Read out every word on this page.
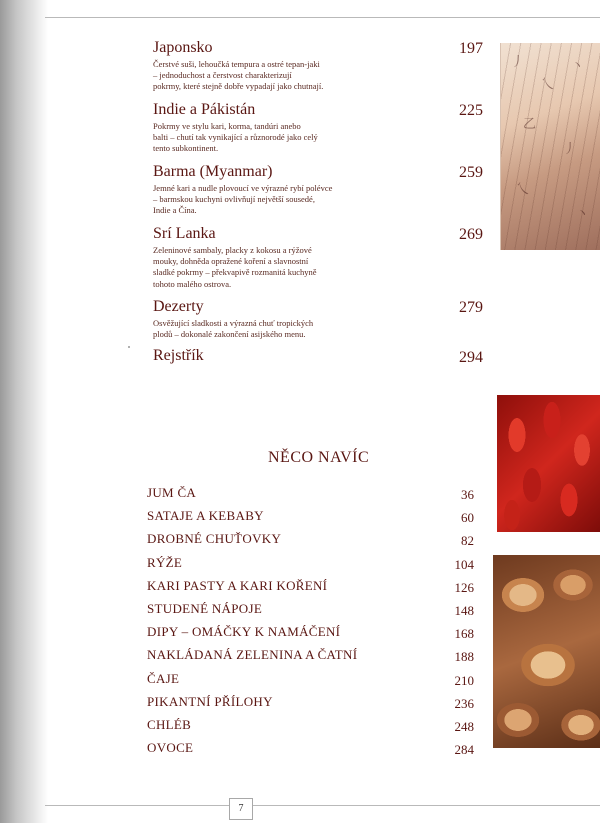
Japonsko	197

Čerstvé suši, lehoučká tempura a ostré tepan-jaki
– jednoduchost a čerstvost charakterizují
pokrmy, které stejně dobře vypadají jako chutnají.

Indie a Pákistán	225

Pokrmy ve stylu kari, korma, tandúri anebo
balti – chutí tak vynikající a různorodé jako celý
tento subkontinent.

Barma (Myanmar)	259

Jemné kari a nudle plovoucí ve výrazné rybí polévce
– barmskou kuchyni ovlivňují největší sousedé,
Indie a Čína.

Srí Lanka	269

Zeleninové sambaly, placky z kokosu a rýžové
mouky, dohněda opražené koření a slavnostní
sladké pokrmy – překvapivě rozmanitá kuchyně
tohoto malého ostrova.

Dezerty	279

Osvěžující sladkosti a výrazná chuť tropických
plodů – dokonalé zakončení asijského menu.

Rejstřík	294
NĚCO NAVÍC
JUM ČA	36
SATAJE A KEBABY	60
DROBNÉ CHUŤOVKY	82
RÝŽE	104
KARI PASTY A KARI KOŘENÍ	126
STUDENÉ NÁPOJE	148
DIPY – OMÁČKY K NAMÁČENÍ	168
NAKLÁDANÁ ZELENINA A ČATNÍ	188
ČAJE	210
PIKANTNÍ PŘÍLOHY	236
CHLÉB	248
OVOCE	284
丿
乀
丶
乙
丿
乀
丶
7
